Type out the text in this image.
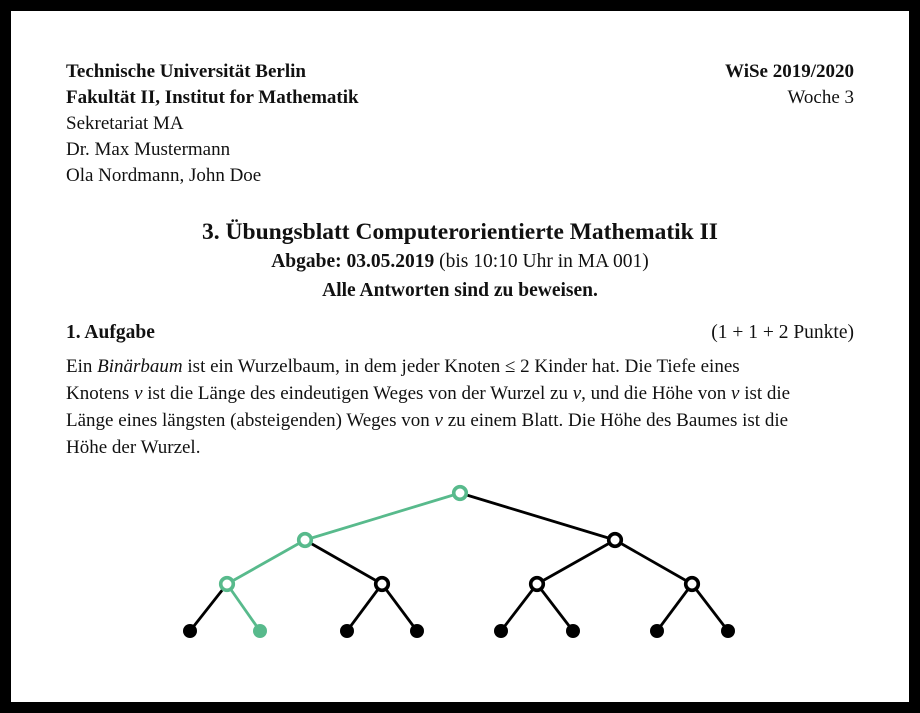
Technische Universität Berlin
Fakultät II, Institut for Mathematik
Sekretariat MA
Dr. Max Mustermann
Ola Nordmann, John Doe
WiSe 2019/2020
Woche 3
3. Übungsblatt Computerorientierte Mathematik II
Abgabe: 03.05.2019 (bis 10:10 Uhr in MA 001)
Alle Antworten sind zu beweisen.
1. Aufgabe	(1 + 1 + 2 Punkte)
Ein Binärbaum ist ein Wurzelbaum, in dem jeder Knoten ≤ 2 Kinder hat. Die Tiefe eines
Knotens v ist die Länge des eindeutigen Weges von der Wurzel zu v, und die Höhe von v ist die
Länge eines längsten (absteigenden) Weges von v zu einem Blatt. Die Höhe des Baumes ist die
Höhe der Wurzel.
